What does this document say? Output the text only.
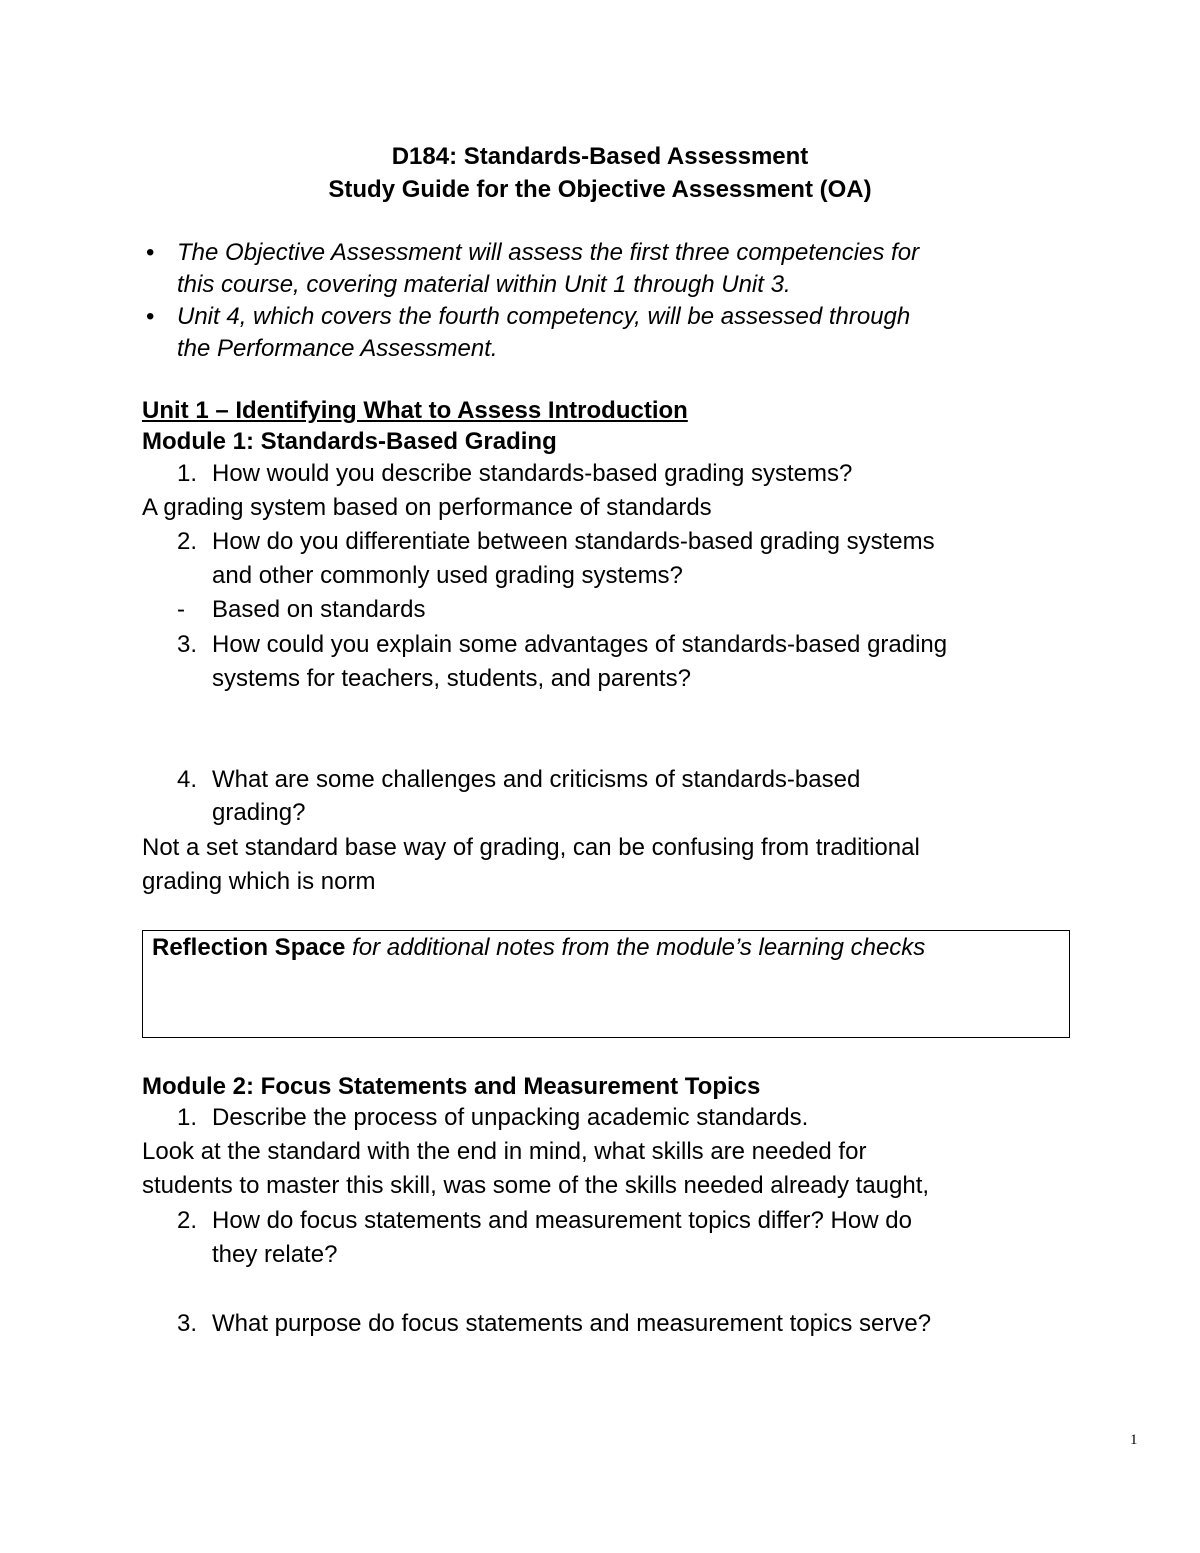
D184: Standards-Based Assessment
Study Guide for the Objective Assessment (OA)
• The Objective Assessment will assess the first three competencies for
this course, covering material within Unit 1 through Unit 3.
• Unit 4, which covers the fourth competency, will be assessed through
the Performance Assessment.
Unit 1 – Identifying What to Assess Introduction
Module 1: Standards-Based Grading
1. How would you describe standards-based grading systems?
A grading system based on performance of standards
2. How do you differentiate between standards-based grading systems
and other commonly used grading systems?
- Based on standards
3. How could you explain some advantages of standards-based grading
systems for teachers, students, and parents?
4. What are some challenges and criticisms of standards-based
grading?
Not a set standard base way of grading, can be confusing from traditional
grading which is norm
Reflection Space for additional notes from the module’s learning checks
Module 2: Focus Statements and Measurement Topics
1. Describe the process of unpacking academic standards.
Look at the standard with the end in mind, what skills are needed for
students to master this skill, was some of the skills needed already taught,
2. How do focus statements and measurement topics differ? How do
they relate?
3. What purpose do focus statements and measurement topics serve?
1
